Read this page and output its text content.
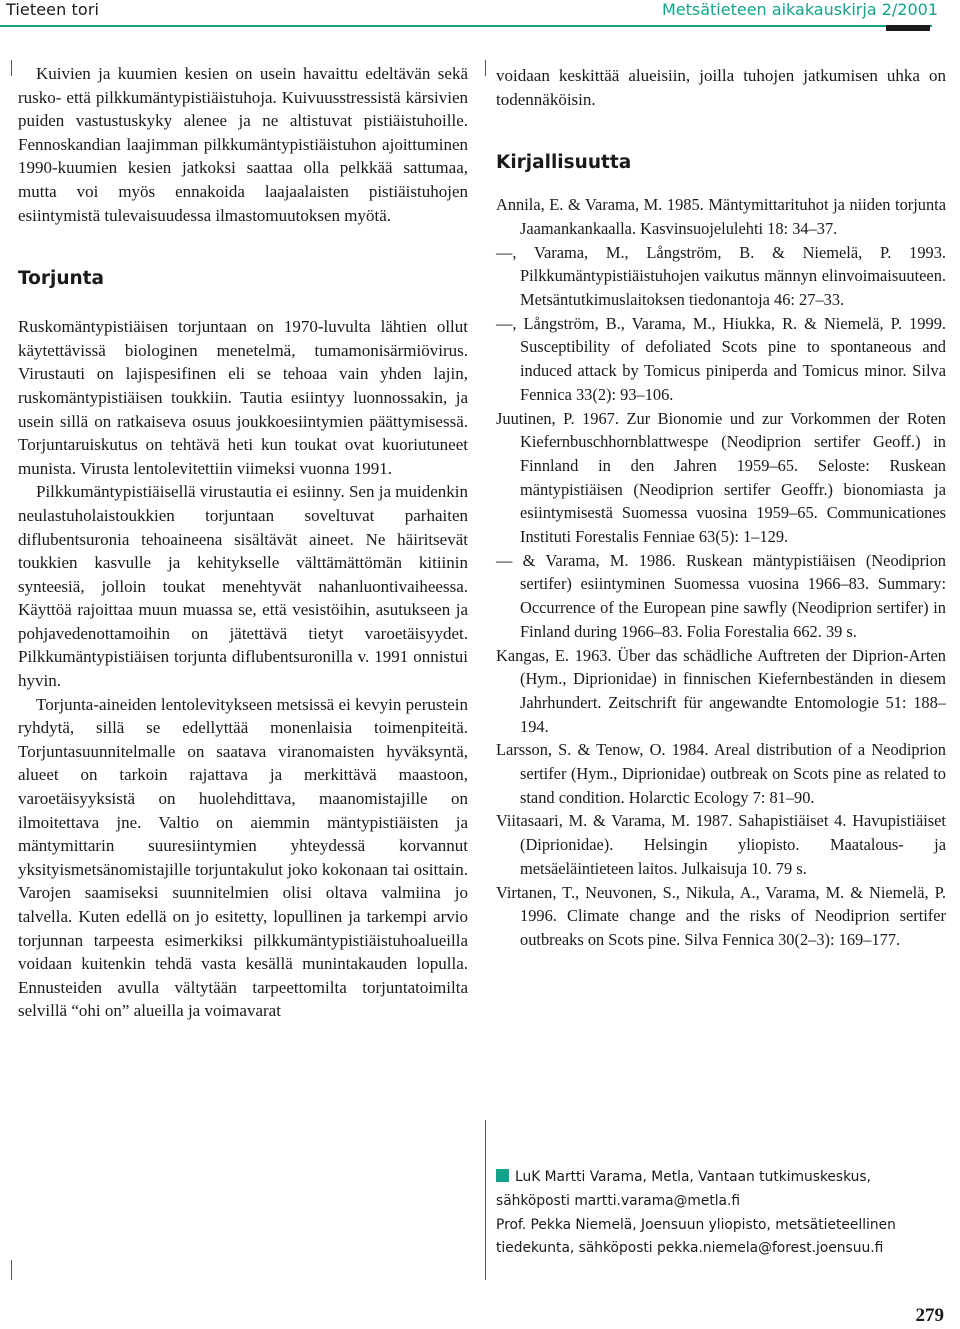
Tieteen tori	Metsätieteen aikakauskirja 2/2001

Kuivien ja kuumien kesien on usein havaittu edeltävän sekä rusko- että pilkkumäntypistiäistuhoja. Kuivuusstressistä kärsivien puiden vastustuskyky alenee ja ne altistuvat pistiäistuhoille. Fennoskandian laajimman pilkkumäntypistiäistuhon ajoittuminen 1990-kuumien kesien jatkoksi saattaa olla pelkkää sattumaa, mutta voi myös ennakoida laajaalaisten pistiäistuhojen esiintymistä tulevaisuudessa ilmastomuutoksen myötä.

Torjunta

Ruskomäntypistiäisen torjuntaan on 1970-luvulta lähtien ollut käytettävissä biologinen menetelmä, tumamonisärmiövirus. Virustauti on lajispesifinen eli se tehoaa vain yhden lajin, ruskomäntypistiäisen toukkiin. Tautia esiintyy luonnossakin, ja usein sillä on ratkaiseva osuus joukkoesiintymien päättymisessä. Torjuntaruiskutus on tehtävä heti kun toukat ovat kuoriutuneet munista. Virusta lentolevitettiin viimeksi vuonna 1991.

Pilkkumäntypistiäisellä virustautia ei esiinny. Sen ja muidenkin neulastuholaistoukkien torjuntaan soveltuvat parhaiten diflubentsuronia tehoaineena sisältävät aineet. Ne häiritsevät toukkien kasvulle ja kehitykselle välttämättömän kitiinin synteesiä, jolloin toukat menehtyvät nahanluontivaiheessa. Käyttöä rajoittaa muun muassa se, että vesistöihin, asutukseen ja pohjavedenottamoihin on jätettävä tietyt varoetäisyydet. Pilkkumäntypistiäisen torjunta diflubentsuronilla v. 1991 onnistui hyvin.

Torjunta-aineiden lentolevitykseen metsissä ei kevyin perustein ryhdytä, sillä se edellyttää monenlaisia toimenpiteitä. Torjuntasuunnitelmalle on saatava viranomaisten hyväksyntä, alueet on tarkoin rajattava ja merkittävä maastoon, varoetäisyyksistä on huolehdittava, maanomistajille on ilmoitettava jne. Valtio on aiemmin mäntypistiäisten ja mäntymittarin suuresiintymien yhteydessä korvannut yksityismetsänomistajille torjuntakulut joko kokonaan tai osittain. Varojen saamiseksi suunnitelmien olisi oltava valmiina jo talvella. Kuten edellä on jo esitetty, lopullinen ja tarkempi arvio torjunnan tarpeesta esimerkiksi pilkkumäntypistiäistuhoalueilla voidaan kuitenkin tehdä vasta kesällä munintakauden lopulla. Ennusteiden avulla vältytään tarpeettomilta torjuntatoimilta selvillä “ohi on” alueilla ja voimavarat

voidaan keskittää alueisiin, joilla tuhojen jatkumisen uhka on todennäköisin.

Kirjallisuutta

Annila, E. & Varama, M. 1985. Mäntymittarituhot ja niiden torjunta Jaamankankaalla. Kasvinsuojelulehti 18: 34–37.

—, Varama, M., Långström, B. & Niemelä, P. 1993. Pilkkumäntypistiäistuhojen vaikutus männyn elinvoimaisuuteen. Metsäntutkimuslaitoksen tiedonantoja 46: 27–33.

—, Långström, B., Varama, M., Hiukka, R. & Niemelä, P. 1999. Susceptibility of defoliated Scots pine to spontaneous and induced attack by Tomicus piniperda and Tomicus minor. Silva Fennica 33(2): 93–106.

Juutinen, P. 1967. Zur Bionomie und zur Vorkommen der Roten Kiefernbuschhornblattwespe (Neodiprion sertifer Geoff.) in Finnland in den Jahren 1959–65. Seloste: Ruskean mäntypistiäisen (Neodiprion sertifer Geoffr.) bionomiasta ja esiintymisestä Suomessa vuosina 1959–65. Communicationes Instituti Forestalis Fenniae 63(5): 1–129.

— & Varama, M. 1986. Ruskean mäntypistiäisen (Neodiprion sertifer) esiintyminen Suomessa vuosina 1966–83. Summary: Occurrence of the European pine sawfly (Neodiprion sertifer) in Finland during 1966–83. Folia Forestalia 662. 39 s.

Kangas, E. 1963. Über das schädliche Auftreten der Diprion-Arten (Hym., Diprionidae) in finnischen Kiefernbeständen in diesem Jahrhundert. Zeitschrift für angewandte Entomologie 51: 188–194.

Larsson, S. & Tenow, O. 1984. Areal distribution of a Neodiprion sertifer (Hym., Diprionidae) outbreak on Scots pine as related to stand condition. Holarctic Ecology 7: 81–90.

Viitasaari, M. & Varama, M. 1987. Sahapistiäiset 4. Havupistiäiset (Diprionidae). Helsingin yliopisto. Maatalous- ja metsäeläintieteen laitos. Julkaisuja 10. 79 s.

Virtanen, T., Neuvonen, S., Nikula, A., Varama, M. & Niemelä, P. 1996. Climate change and the risks of Neodiprion sertifer outbreaks on Scots pine. Silva Fennica 30(2–3): 169–177.

LuK Martti Varama, Metla, Vantaan tutkimuskeskus,

sähköposti martti.varama@metla.fi

Prof. Pekka Niemelä, Joensuun yliopisto, metsätieteellinen

tiedekunta, sähköposti pekka.niemela@forest.joensuu.fi

279
